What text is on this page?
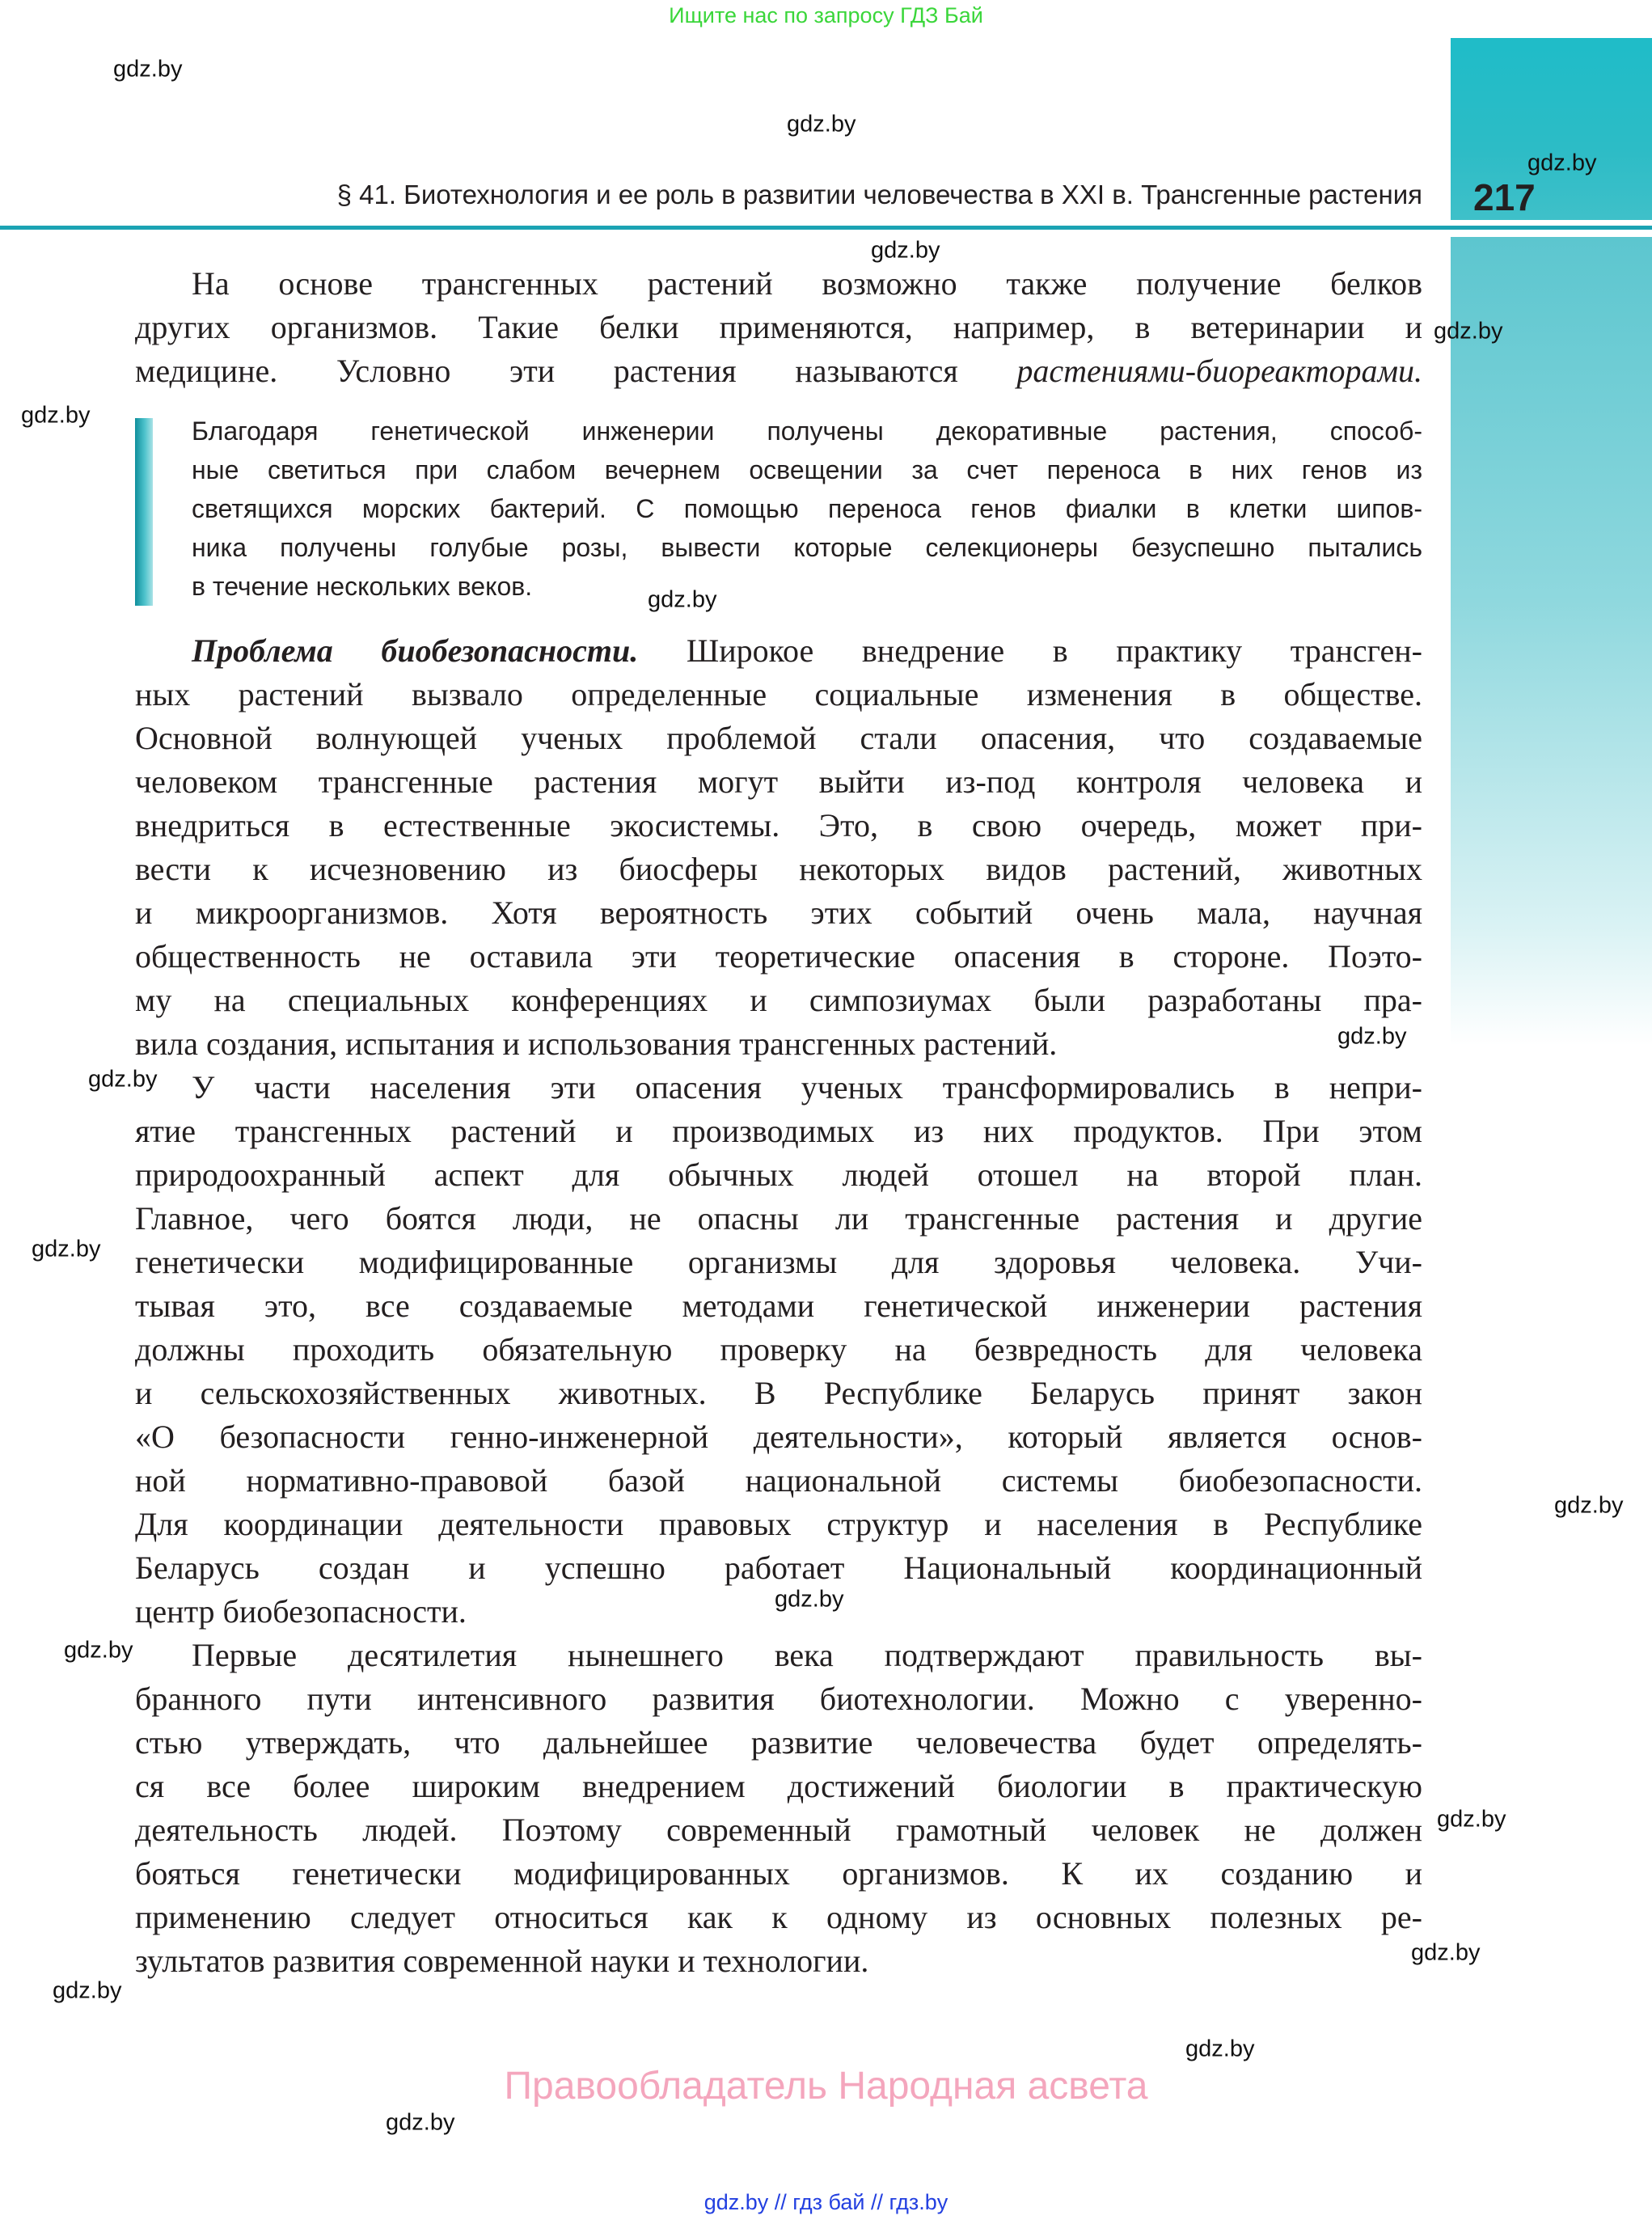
Ищите нас по запросу ГДЗ Бай
§ 41. Биотехнология и ее роль в развитии человечества в XXI в. Трансгенные растения 217
На основе трансгенных растений возможно также получение белков
других организмов. Такие белки применяются, например, в ветеринарии и
медицине. Условно эти растения называются растениями-биореакторами.
Благодаря генетической инженерии получены декоративные растения, способ-
ные светиться при слабом вечернем освещении за счет переноса в них генов из
светящихся морских бактерий. С помощью переноса генов фиалки в клетки шипов-
ника получены голубые розы, вывести которые селекционеры безуспешно пытались
в течение нескольких веков.
Проблема биобезопасности. Широкое внедрение в практику трансген-
ных растений вызвало определенные социальные изменения в обществе.
Основной волнующей ученых проблемой стали опасения, что создаваемые
человеком трансгенные растения могут выйти из-под контроля человека и
внедриться в естественные экосистемы. Это, в свою очередь, может при-
вести к исчезновению из биосферы некоторых видов растений, животных
и микроорганизмов. Хотя вероятность этих событий очень мала, научная
общественность не оставила эти теоретические опасения в стороне. Поэто-
му на специальных конференциях и симпозиумах были разработаны пра-
вила создания, испытания и использования трансгенных растений.
У части населения эти опасения ученых трансформировались в непри-
ятие трансгенных растений и производимых из них продуктов. При этом
природоохранный аспект для обычных людей отошел на второй план.
Главное, чего боятся люди, не опасны ли трансгенные растения и другие
генетически модифицированные организмы для здоровья человека. Учи-
тывая это, все создаваемые методами генетической инженерии растения
должны проходить обязательную проверку на безвредность для человека
и сельскохозяйственных животных. В Республике Беларусь принят закон
«О безопасности генно-инженерной деятельности», который является основ-
ной нормативно-правовой базой национальной системы биобезопасности.
Для координации деятельности правовых структур и населения в Республике
Беларусь создан и успешно работает Национальный координационный
центр биобезопасности.
Первые десятилетия нынешнего века подтверждают правильность вы-
бранного пути интенсивного развития биотехнологии. Можно с уверенно-
стью утверждать, что дальнейшее развитие человечества будет определять-
ся все более широким внедрением достижений биологии в практическую
деятельность людей. Поэтому современный грамотный человек не должен
бояться генетически модифицированных организмов. К их созданию и
применению следует относиться как к одному из основных полезных ре-
зультатов развития современной науки и технологии.
gdz.by
gdz.by
gdz.by
gdz.by
gdz.by
gdz.by
gdz.by
gdz.by
gdz.by
gdz.by
gdz.by
gdz.by
gdz.by
gdz.by
gdz.by
gdz.by
gdz.by
gdz.by
Правообладатель Народная асвета
gdz.by // гдз бай // гдз.by
